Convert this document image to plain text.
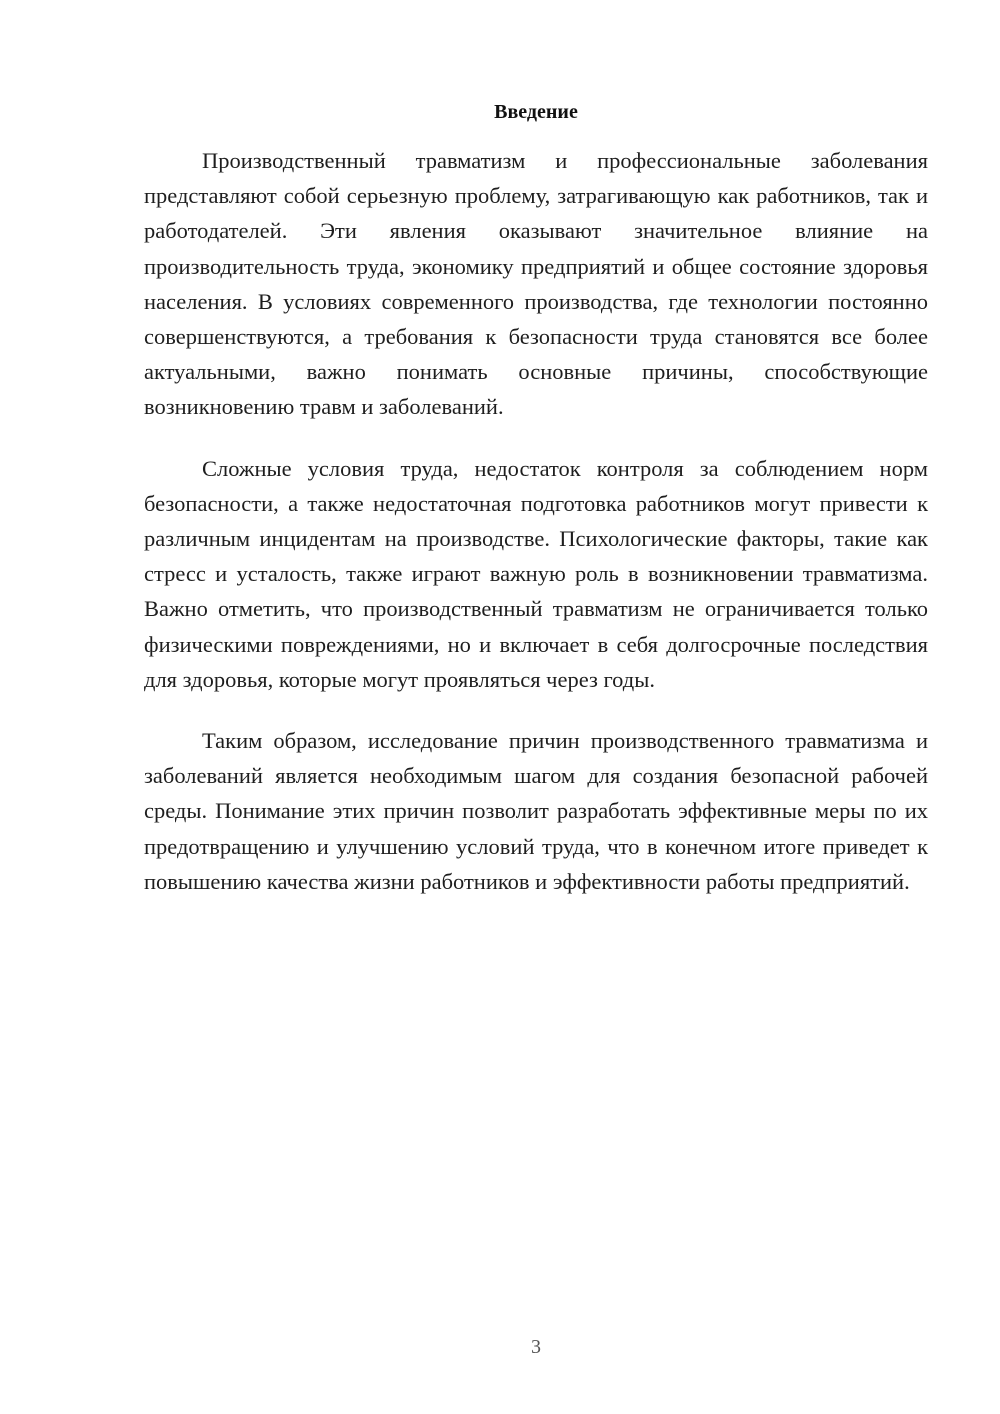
Введение

Производственный травматизм и профессиональные заболевания представляют собой серьезную проблему, затрагивающую как работников, так и работодателей. Эти явления оказывают значительное влияние на производительность труда, экономику предприятий и общее состояние здоровья населения. В условиях современного производства, где технологии постоянно совершенствуются, а требования к безопасности труда становятся все более актуальными, важно понимать основные причины, способствующие возникновению травм и заболеваний.

Сложные условия труда, недостаток контроля за соблюдением норм безопасности, а также недостаточная подготовка работников могут привести к различным инцидентам на производстве. Психологические факторы, такие как стресс и усталость, также играют важную роль в возникновении травматизма. Важно отметить, что производственный травматизм не ограничивается только физическими повреждениями, но и включает в себя долгосрочные последствия для здоровья, которые могут проявляться через годы.

Таким образом, исследование причин производственного травматизма и заболеваний является необходимым шагом для создания безопасной рабочей среды. Понимание этих причин позволит разработать эффективные меры по их предотвращению и улучшению условий труда, что в конечном итоге приведет к повышению качества жизни работников и эффективности работы предприятий.

3
